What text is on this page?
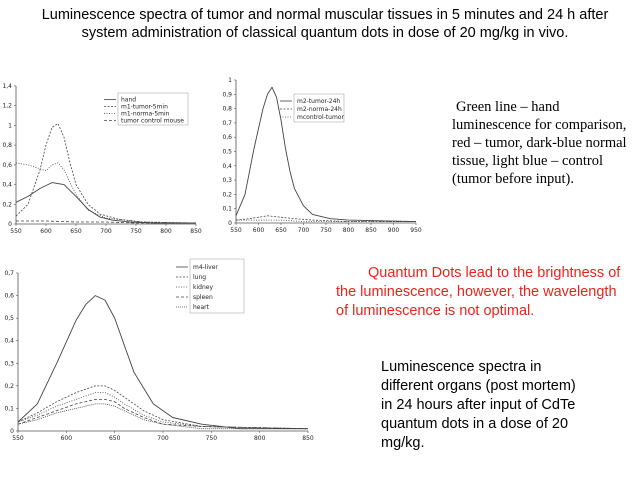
Luminescence spectra of tumor and normal muscular tissues in 5 minutes and 24 h after system administration of classical quantum dots in dose of 20 mg/kg in vivo.
550	600	650	700	750	800	850
0
0,2
0,4
0,6
0,8
1
1,2
1,4
hand
m1-tumor-5min
m1-norma-5min
tumor control mouse
550 600 650 700 750 800 850 900 950
0
0,1
0,2
0,3
0,4
0,5
0,6
0,7
0,8
0,9
1
m2-tumor-24h
m2-norma-24h
mcontrol-tumor
550	600	650	700	750	800	850
0
0,1
0,2
0,3
0,4
0,5
0,6
0,7
m4-liver
lung
kidney
spleen
heart
Green line – hand luminescence for comparison, red – tumor, dark-blue normal tissue, light blue – control (tumor before input).
Quantum Dots lead to the brightness of the luminescence, however, the wavelength of luminescence is not optimal.
Luminescence spectra in different organs (post mortem) in 24 hours after input of CdTe quantum dots in a dose of 20 mg/kg.
